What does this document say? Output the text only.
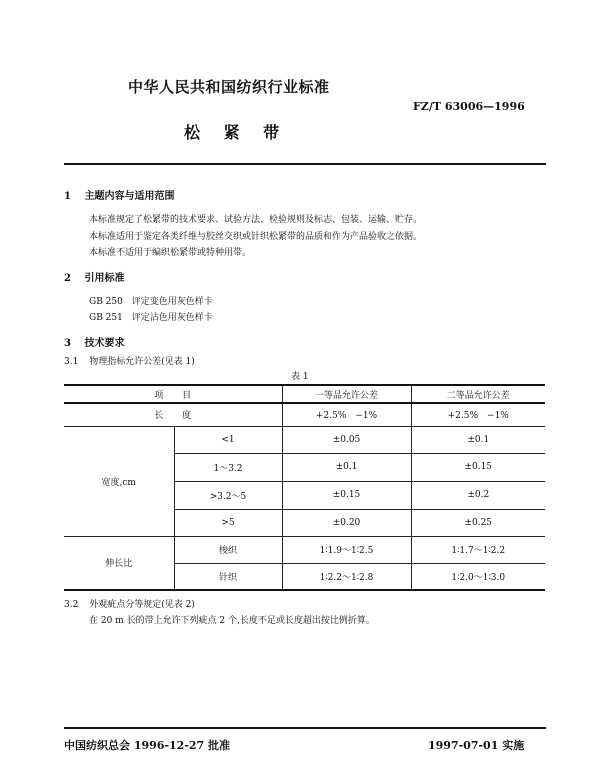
中华人民共和国纺织行业标准
FZ/T 63006—1996
松 紧 带
1 主题内容与适用范围
本标准规定了松紧带的技术要求、试验方法、检验规则及标志、包装、运输、贮存。
本标准适用于鉴定各类纤维与胶丝交织或针织松紧带的品质和作为产品验收之依据。
本标准不适用于编织松紧带或特种用带。
2 引用标准
GB 250 评定变色用灰色样卡
GB 251 评定沾色用灰色样卡
3 技术要求
3.1 物理指标允许公差(见表 1)
表 1
项 目		一等品允许公差	二等品允许公差
长 度		+2.5%　−1%	+2.5%　−1%
宽度,cm	<1	±0.05	±0.1
	1～3.2	±0.1	±0.15
	>3.2～5	±0.15	±0.2
	>5	±0.20	±0.25
伸长比	梭织	1∶1.9～1∶2.5	1∶1.7～1∶2.2
	针织	1∶2.2～1∶2.8	1∶2.0～1∶3.0
3.2 外观疵点分等规定(见表 2)
在 20 m 长的带上允许下列疵点 2 个,长度不足或长度超出按比例折算。
中国纺织总会 1996-12-27 批准	1997-07-01 实施
